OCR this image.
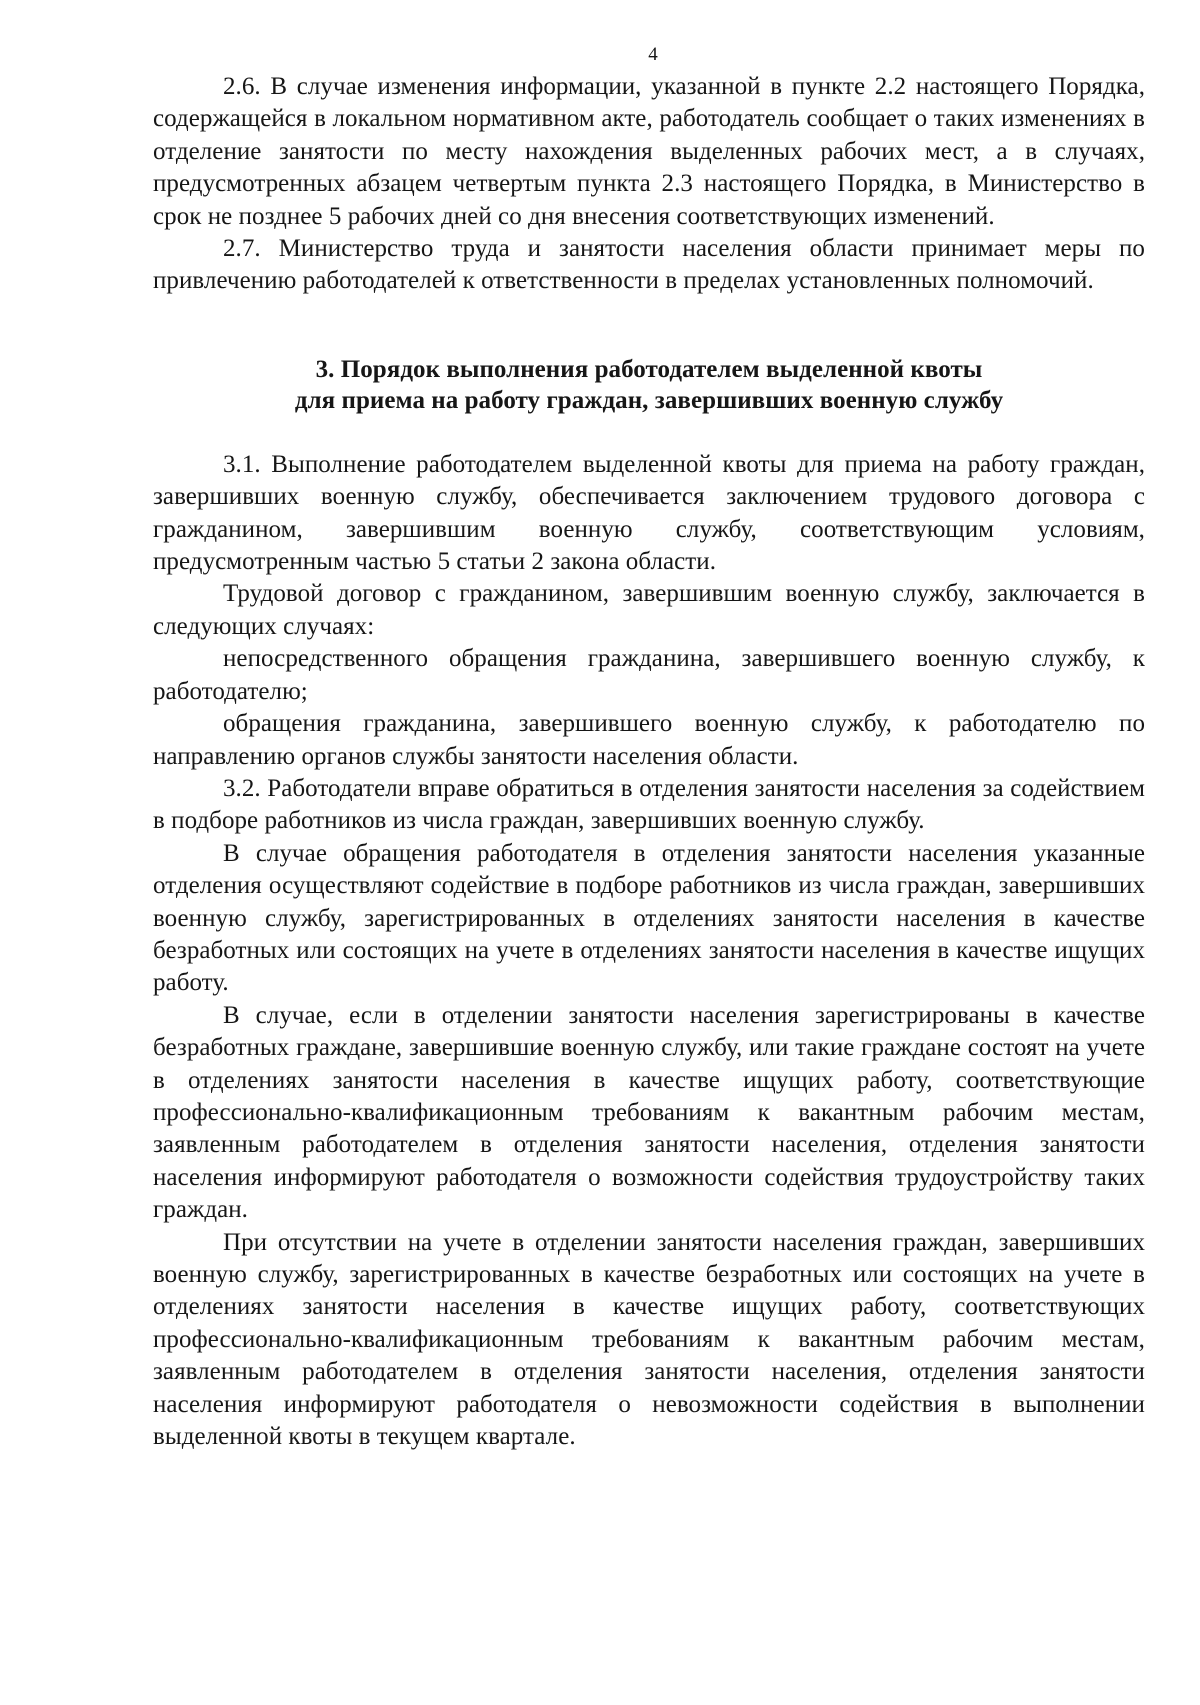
4

2.6. В случае изменения информации, указанной в пункте 2.2 настоящего Порядка, содержащейся в локальном нормативном акте, работодатель сообщает о таких изменениях в отделение занятости по месту нахождения выделенных рабочих мест, а в случаях, предусмотренных абзацем четвертым пункта 2.3 настоящего Порядка, в Министерство в срок не позднее 5 рабочих дней со дня внесения соответствующих изменений.

2.7. Министерство труда и занятости населения области принимает меры по привлечению работодателей к ответственности в пределах установленных полномочий.

3. Порядок выполнения работодателем выделенной квоты
для приема на работу граждан, завершивших военную службу

3.1. Выполнение работодателем выделенной квоты для приема на работу граждан, завершивших военную службу, обеспечивается заключением трудового договора с гражданином, завершившим военную службу, соответствующим условиям, предусмотренным частью 5 статьи 2 закона области.

Трудовой договор с гражданином, завершившим военную службу, заключается в следующих случаях:

непосредственного обращения гражданина, завершившего военную службу, к работодателю;

обращения гражданина, завершившего военную службу, к работодателю по направлению органов службы занятости населения области.

3.2. Работодатели вправе обратиться в отделения занятости населения за содействием в подборе работников из числа граждан, завершивших военную службу.

В случае обращения работодателя в отделения занятости населения указанные отделения осуществляют содействие в подборе работников из числа граждан, завершивших военную службу, зарегистрированных в отделениях занятости населения в качестве безработных или состоящих на учете в отделениях занятости населения в качестве ищущих работу.

В случае, если в отделении занятости населения зарегистрированы в качестве безработных граждане, завершившие военную службу, или такие граждане состоят на учете в отделениях занятости населения в качестве ищущих работу, соответствующие профессионально-квалификационным требованиям к вакантным рабочим местам, заявленным работодателем в отделения занятости населения, отделения занятости населения информируют работодателя о возможности содействия трудоустройству таких граждан.

При отсутствии на учете в отделении занятости населения граждан, завершивших военную службу, зарегистрированных в качестве безработных или состоящих на учете в отделениях занятости населения в качестве ищущих работу, соответствующих профессионально-квалификационным требованиям к вакантным рабочим местам, заявленным работодателем в отделения занятости населения, отделения занятости населения информируют работодателя о невозможности содействия в выполнении выделенной квоты в текущем квартале.
